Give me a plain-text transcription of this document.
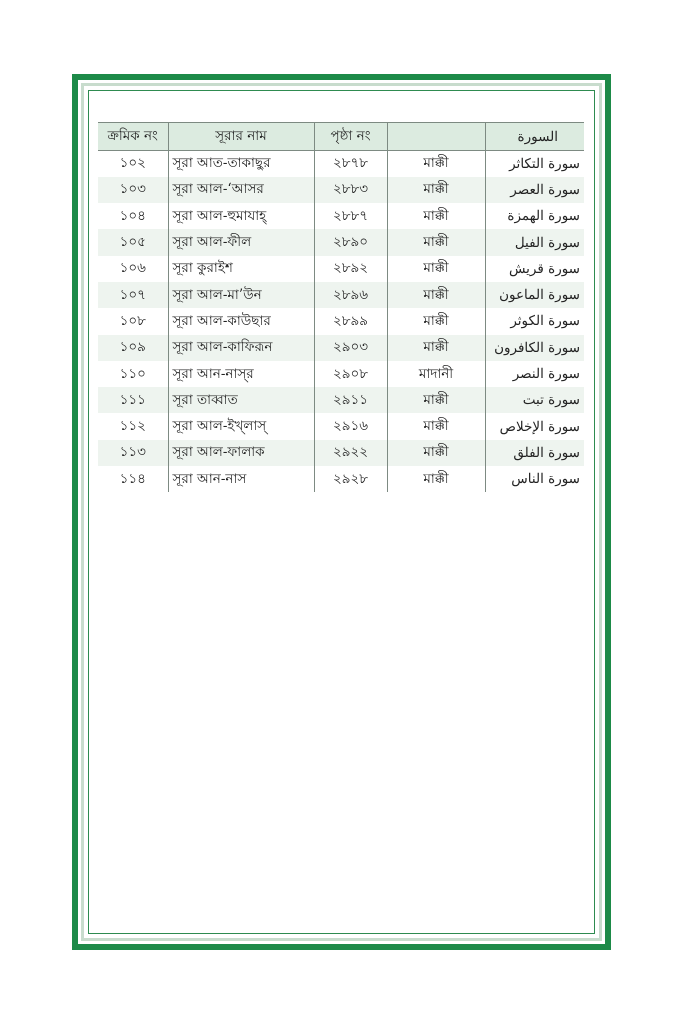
ক্রমিক নং	সূরার নাম	পৃষ্ঠা নং		السورة
১০২	সূরা আত-তাকাছুর	২৮৭৮	মাক্কী	سورة التكاثر
১০৩	সূরা আল-‘আসর	২৮৮৩	মাক্কী	سورة العصر
১০৪	সূরা আল-হুমাযাহ্	২৮৮৭	মাক্কী	سورة الهمزة
১০৫	সূরা আল-ফীল	২৮৯০	মাক্কী	سورة الفيل
১০৬	সূরা কুরাইশ	২৮৯২	মাক্কী	سورة قريش
১০৭	সূরা আল-মা’উন	২৮৯৬	মাক্কী	سورة الماعون
১০৮	সূরা আল-কাউছার	২৮৯৯	মাক্কী	سورة الكوثر
১০৯	সূরা আল-কাফিরূন	২৯০৩	মাক্কী	سورة الكافرون
১১০	সূরা আন-নাস্‌র	২৯০৮	মাদানী	سورة النصر
১১১	সূরা তাব্বাত	২৯১১	মাক্কী	سورة تبت
১১২	সূরা আল-ইখ্‌লাস্	২৯১৬	মাক্কী	سورة الإخلاص
১১৩	সূরা আল-ফালাক	২৯২২	মাক্কী	سورة الفلق
১১৪	সূরা আন-নাস	২৯২৮	মাক্কী	سورة الناس
